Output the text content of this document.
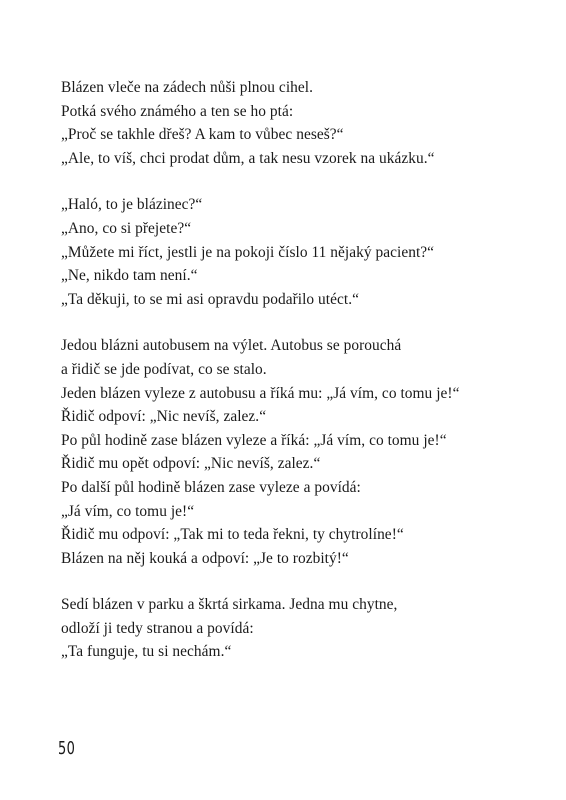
Blázen vleče na zádech nůši plnou cihel.
Potká svého známého a ten se ho ptá:
„Proč se takhle dřeš? A kam to vůbec neseš?“
„Ale, to víš, chci prodat dům, a tak nesu vzorek na ukázku.“
„Haló, to je blázinec?“
„Ano, co si přejete?“
„Můžete mi říct, jestli je na pokoji číslo 11 nějaký pacient?“
„Ne, nikdo tam není.“
„Ta děkuji, to se mi asi opravdu podařilo utéct.“
Jedou blázni autobusem na výlet. Autobus se porouchá
a řidič se jde podívat, co se stalo.
Jeden blázen vyleze z autobusu a říká mu: „Já vím, co tomu je!“
Řidič odpoví: „Nic nevíš, zalez.“
Po půl hodině zase blázen vyleze a říká: „Já vím, co tomu je!“
Řidič mu opět odpoví: „Nic nevíš, zalez.“
Po další půl hodině blázen zase vyleze a povídá:
„Já vím, co tomu je!“
Řidič mu odpoví: „Tak mi to teda řekni, ty chytrolíne!“
Blázen na něj kouká a odpoví: „Je to rozbitý!“
Sedí blázen v parku a škrtá sirkama. Jedna mu chytne,
odloží ji tedy stranou a povídá:
„Ta funguje, tu si nechám.“
50
